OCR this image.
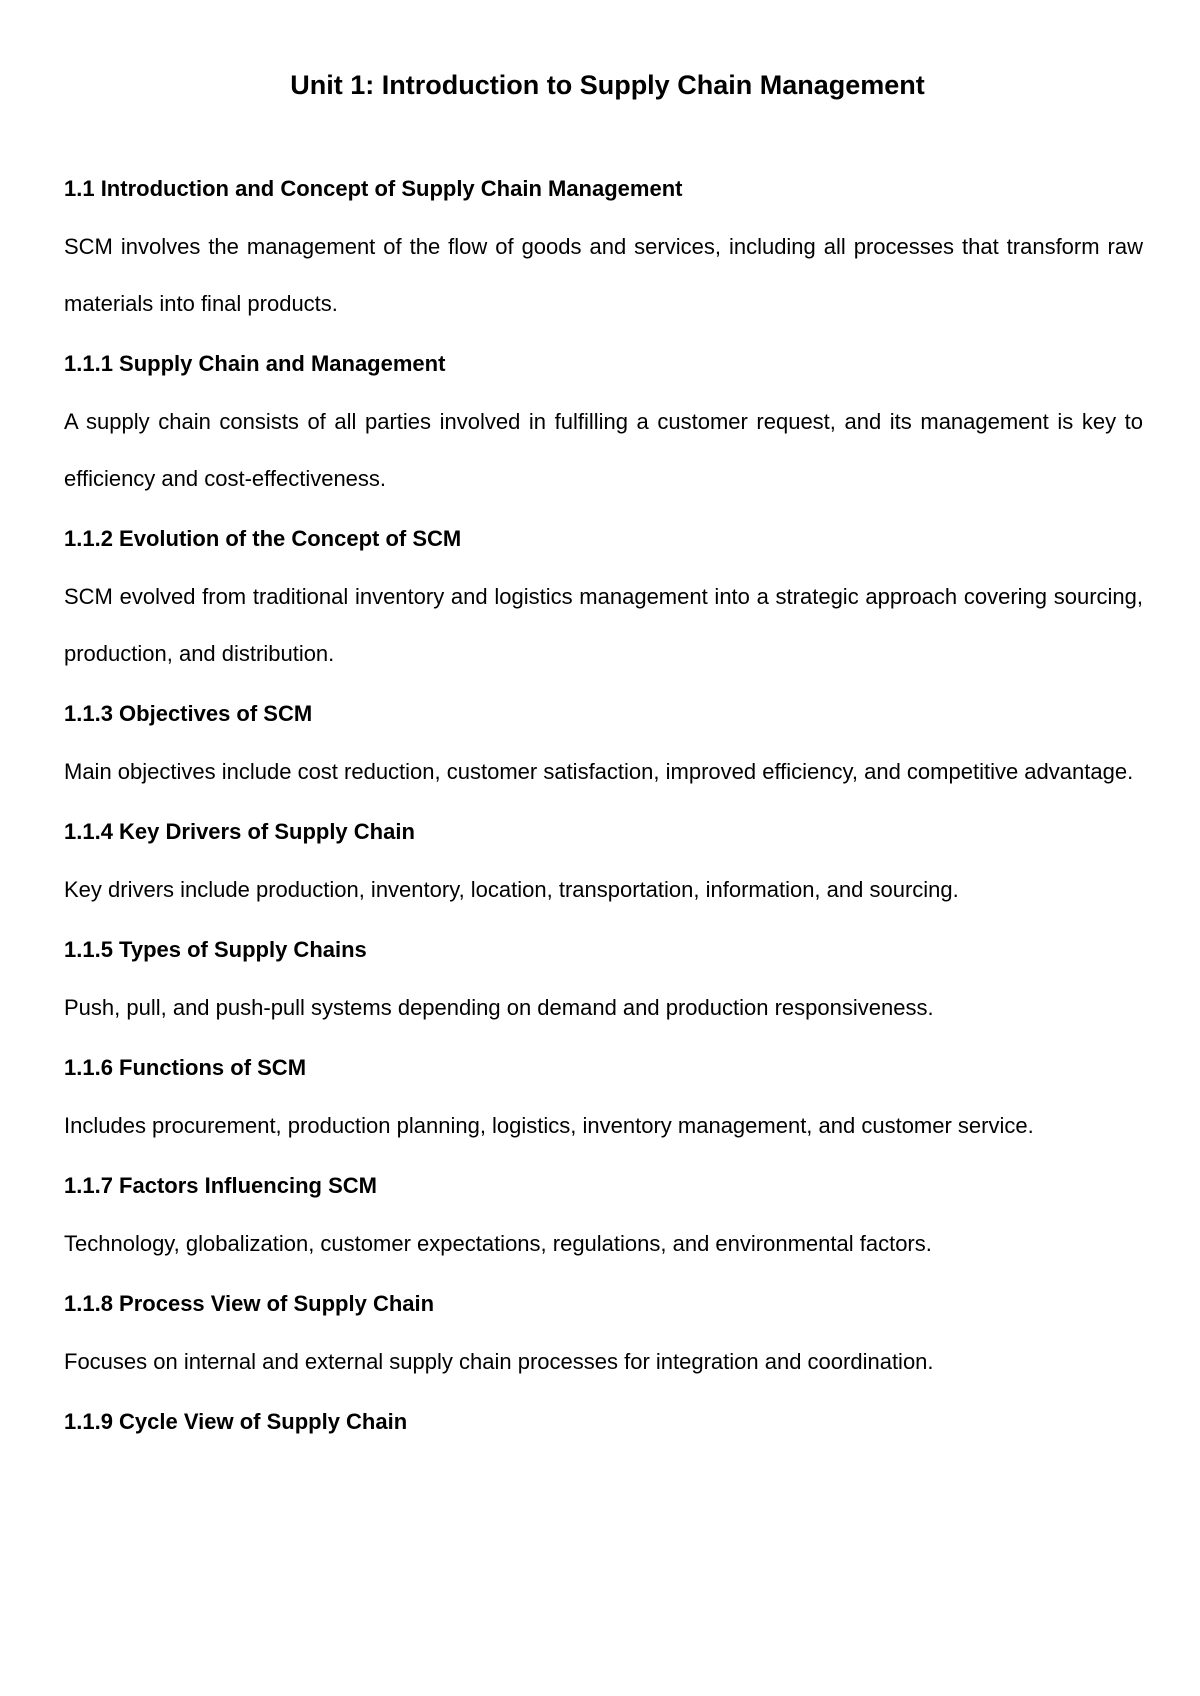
Unit 1: Introduction to Supply Chain Management
1.1 Introduction and Concept of Supply Chain Management

SCM involves the management of the flow of goods and services, including all processes that transform raw materials into final products.

1.1.1 Supply Chain and Management

A supply chain consists of all parties involved in fulfilling a customer request, and its management is key to efficiency and cost-effectiveness.

1.1.2 Evolution of the Concept of SCM

SCM evolved from traditional inventory and logistics management into a strategic approach covering sourcing, production, and distribution.

1.1.3 Objectives of SCM

Main objectives include cost reduction, customer satisfaction, improved efficiency, and competitive advantage.

1.1.4 Key Drivers of Supply Chain

Key drivers include production, inventory, location, transportation, information, and sourcing.

1.1.5 Types of Supply Chains

Push, pull, and push-pull systems depending on demand and production responsiveness.

1.1.6 Functions of SCM

Includes procurement, production planning, logistics, inventory management, and customer service.

1.1.7 Factors Influencing SCM

Technology, globalization, customer expectations, regulations, and environmental factors.

1.1.8 Process View of Supply Chain

Focuses on internal and external supply chain processes for integration and coordination.

1.1.9 Cycle View of Supply Chain
